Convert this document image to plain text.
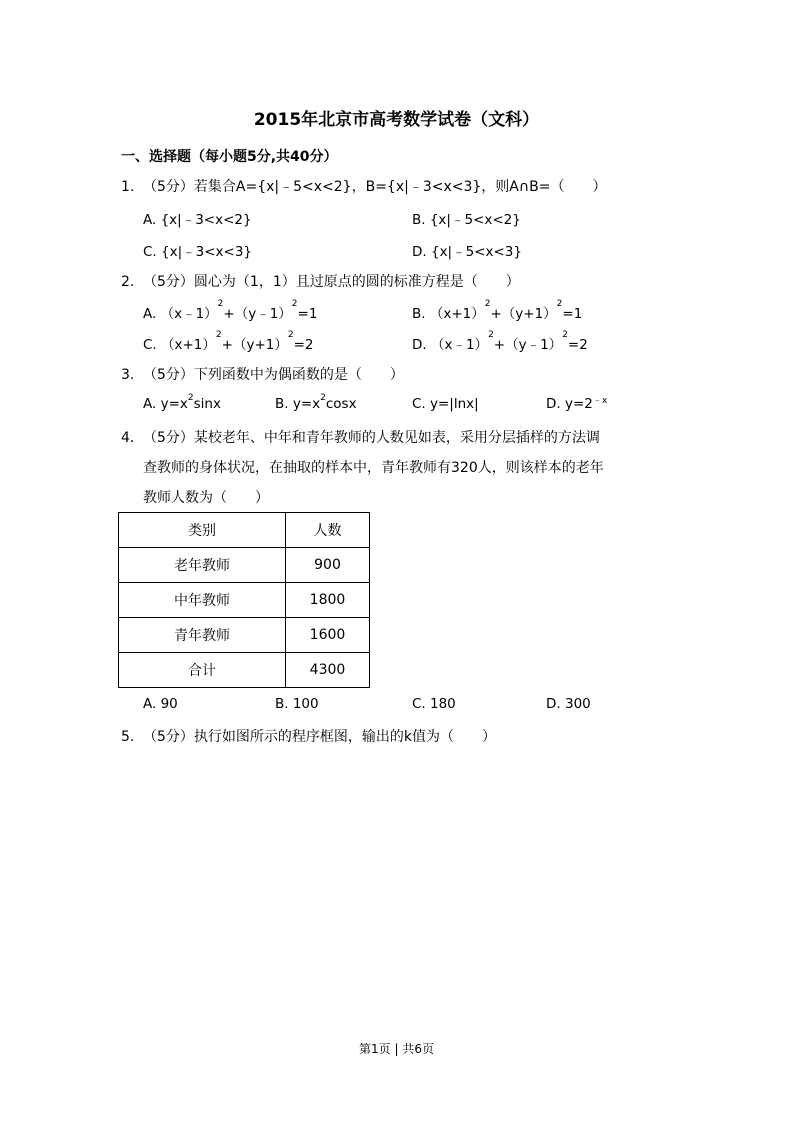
2015年北京市高考数学试卷（文科）
一、选择题（每小题5分,共40分）
1. （5分）若集合A={x|﹣5<x<2}，B={x|﹣3<x<3}，则A∩B=（　　）
A. {x|﹣3<x<2}	B. {x|﹣5<x<2}
C. {x|﹣3<x<3}	D. {x|﹣5<x<3}
2. （5分）圆心为（1，1）且过原点的圆的标准方程是（　　）
A. （x﹣1）$^2$+（y﹣1）$^2$=1	B. $(x+1)^2+(y+1)^2=1$
C. $(x+1)^2+(y+1)^2=2$	D. （x﹣1）$^2$+（y﹣1）$^2$=2
3. （5分）下列函数中为偶函数的是（　　）
A. $y=x^2\sin x$	B. $y=x^2\cos x$	C. y=|lnx|	D. $y=2^{﹣x}$
4. （5分）某校老年、中年和青年教师的人数见如表，采用分层插样的方法调
查教师的身体状况，在抽取的样本中，青年教师有320人，则该样本的老年
教师人数为（　　）
类别	人数
老年教师	900
中年教师	1800
青年教师	1600
合计	4300
A. 90	B. 100	C. 180	D. 300
5. （5分）执行如图所示的程序框图，输出的k值为（　　）
第1页 | 共6页
